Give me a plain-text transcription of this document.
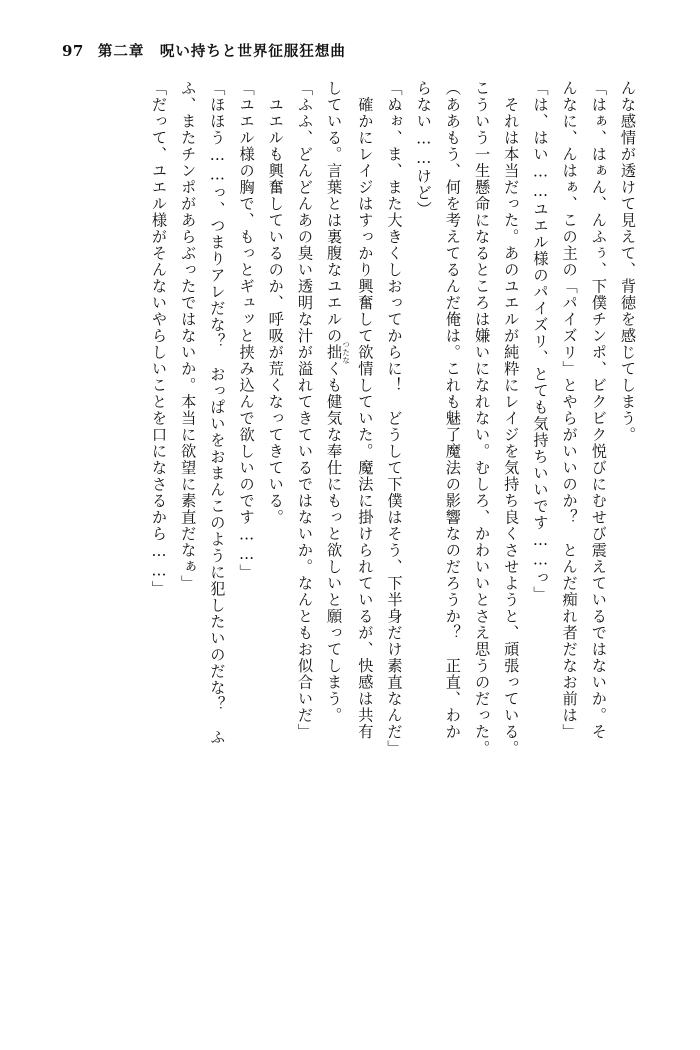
97 第二章　呪い持ちと世界征服狂想曲
んな感情が透けて見えて、背徳を感じてしまう。
「はぁ、はぁん、んふぅ、下僕チンポ、ビクビク悦びにむせび震えているではないか。そ
んなに、んはぁ、この主の「パイズリ」とやらがいいのか？　とんだ痴れ者だなお前は」
「は、はい……ユエル様のパイズリ、とても気持ちいいです……っ」
　それは本当だった。あのユエルが純粋にレイジを気持ち良くさせようと、頑張っている。
こういう一生懸命になるところは嫌いになれない。むしろ、かわいいとさえ思うのだった。
（ああもう、何を考えてるんだ俺は。これも魅了魔法の影響なのだろうか？　正直、わか
らない……けど）
「ぬぉ、ま、また大きくしおってからに！　どうして下僕はそう、下半身だけ素直なんだ」
　確かにレイジはすっかり興奮して欲情していた。魔法に掛けられているが、快感は共有
している。言葉とは裏腹なユエルの拙つたなくも健気な奉仕にもっと欲しいと願ってしまう。
「ふふ、どんどんあの臭い透明な汁が溢れてきているではないか。なんともお似合いだ」
　ユエルも興奮しているのか、呼吸が荒くなってきている。
「ユエル様の胸で、もっとギュッと挟み込んで欲しいのです……」
「ほほう……っ、つまりアレだな？　おっぱいをおまんこのように犯したいのだな？　ふ
ふ、またチンポがあらぶったではないか。本当に欲望に素直だなぁ」
「だって、ユエル様がそんないやらしいことを口になさるから……」
